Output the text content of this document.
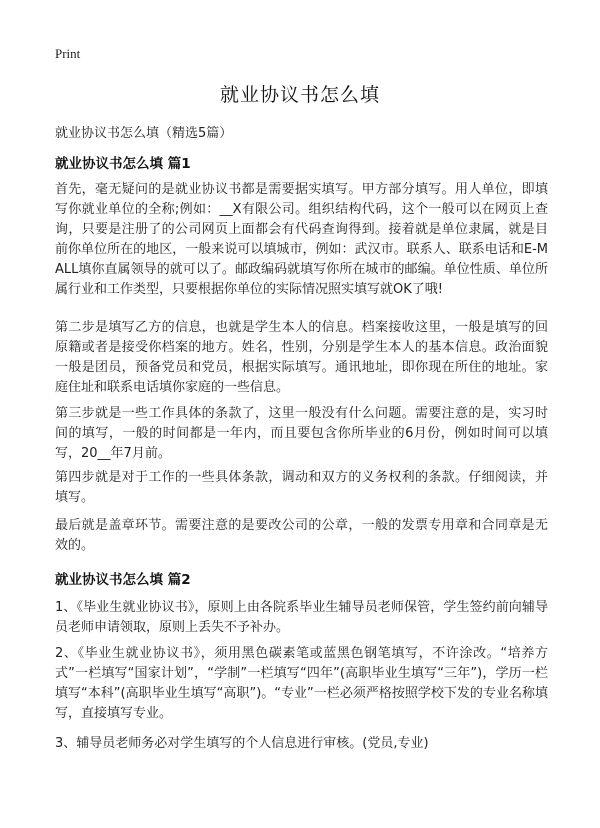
Print
就业协议书怎么填
就业协议书怎么填（精选5篇）
就业协议书怎么填 篇1

首先，毫无疑问的是就业协议书都是需要据实填写。甲方部分填写。用人单位，即填写你就业单位的全称;例如：__X有限公司。组织结构代码，这个一般可以在网页上查询，只要是注册了的公司网页上面都会有代码查询得到。接着就是单位隶属，就是目前你单位所在的地区，一般来说可以填城市，例如：武汉市。联系人、联系电话和E-MALL填你直属领导的就可以了。邮政编码就填写你所在城市的邮编。单位性质、单位所属行业和工作类型，只要根据你单位的实际情况照实填写就OK了哦!

第二步是填写乙方的信息，也就是学生本人的信息。档案接收这里，一般是填写的回原籍或者是接受你档案的地方。姓名，性别，分别是学生本人的基本信息。政治面貌一般是团员，预备党员和党员，根据实际填写。通讯地址，即你现在所住的地址。家庭住址和联系电话填你家庭的一些信息。

第三步就是一些工作具体的条款了，这里一般没有什么问题。需要注意的是，实习时间的填写，一般的时间都是一年内，而且要包含你所毕业的6月份，例如时间可以填写，20__年7月前。

第四步就是对于工作的一些具体条款，调动和双方的义务权利的条款。仔细阅读，并填写。

最后就是盖章环节。需要注意的是要改公司的公章，一般的发票专用章和合同章是无效的。

就业协议书怎么填 篇2

1、《毕业生就业协议书》，原则上由各院系毕业生辅导员老师保管，学生签约前向辅导员老师申请领取，原则上丢失不予补办。

2、《毕业生就业协议书》，须用黑色碳素笔或蓝黑色钢笔填写，不许涂改。“培养方式”一栏填写“国家计划”，“学制”一栏填写“四年”(高职毕业生填写“三年”)，学历一栏填写“本科”(高职毕业生填写“高职”)。“专业”一栏必须严格按照学校下发的专业名称填写，直接填写专业。

3、辅导员老师务必对学生填写的个人信息进行审核。(党员,专业)
